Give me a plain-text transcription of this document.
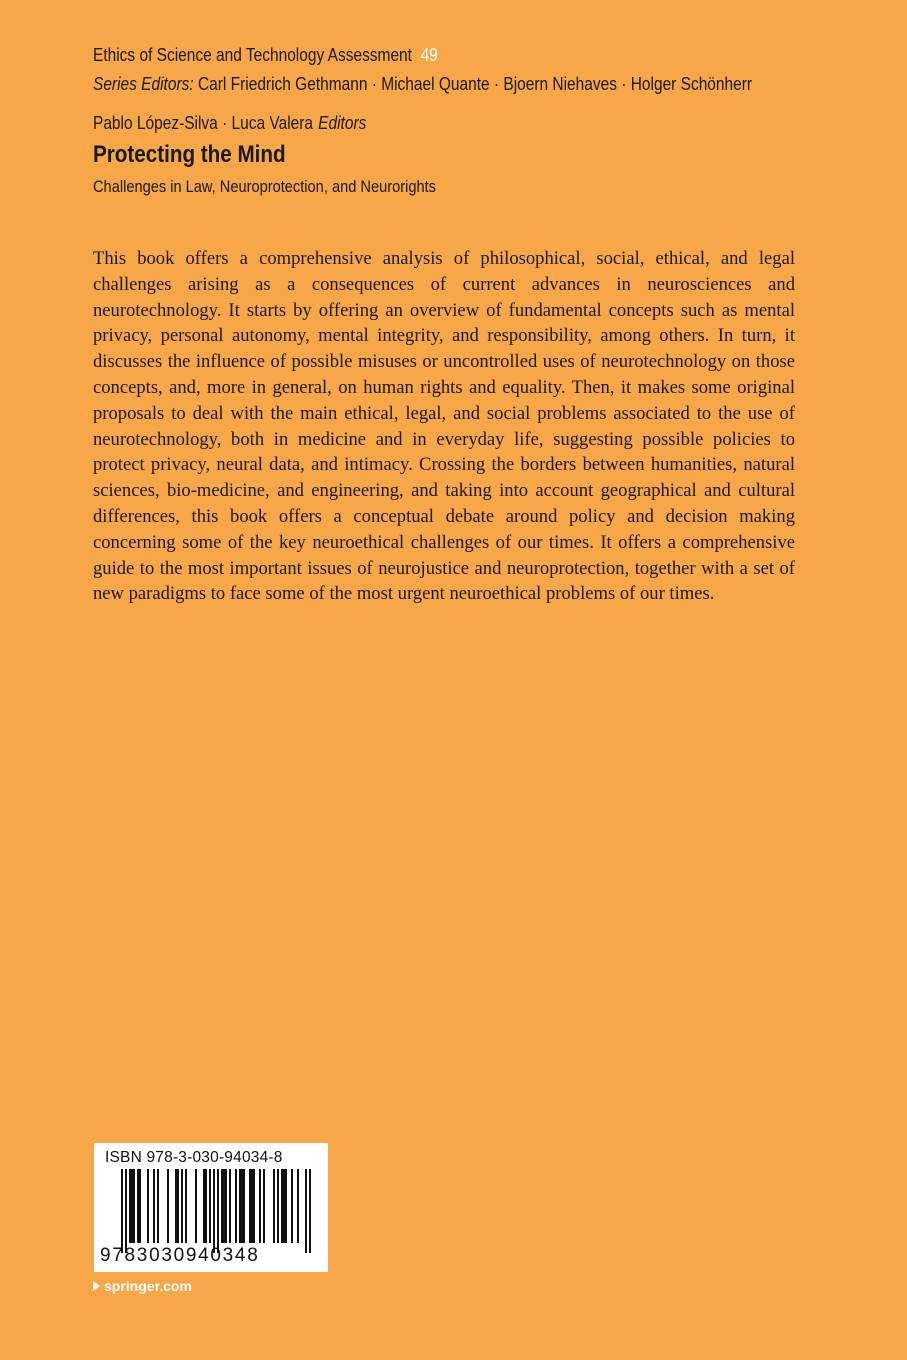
Ethics of Science and Technology Assessment 49
Series Editors: Carl Friedrich Gethmann · Michael Quante · Bjoern Niehaves · Holger Schönherr
Pablo López-Silva · Luca Valera Editors
Protecting the Mind
Challenges in Law, Neuroprotection, and Neurorights

This book offers a comprehensive analysis of philosophical, social, ethical, and legal challenges arising as a consequences of current advances in neurosciences and neurotechnology. It starts by offering an overview of fundamental concepts such as mental privacy, personal autonomy, mental integrity, and responsibility, among others. In turn, it discusses the influence of possible misuses or uncontrolled uses of neurotechnology on those concepts, and, more in general, on human rights and equality. Then, it makes some original proposals to deal with the main ethical, legal, and social problems associated to the use of neurotechnology, both in medicine and in everyday life, suggesting possible policies to protect privacy, neural data, and intimacy. Crossing the borders between humanities, natural sciences, bio-medicine, and engineering, and taking into account geographical and cultural differences, this book offers a conceptual debate around policy and decision making concerning some of the key neuroethical challenges of our times. It offers a comprehensive guide to the most important issues of neurojustice and neuroprotection, together with a set of new paradigms to face some of the most urgent neuroethical problems of our times.

ISBN 978-3-030-94034-8
9783030940348
springer.com
